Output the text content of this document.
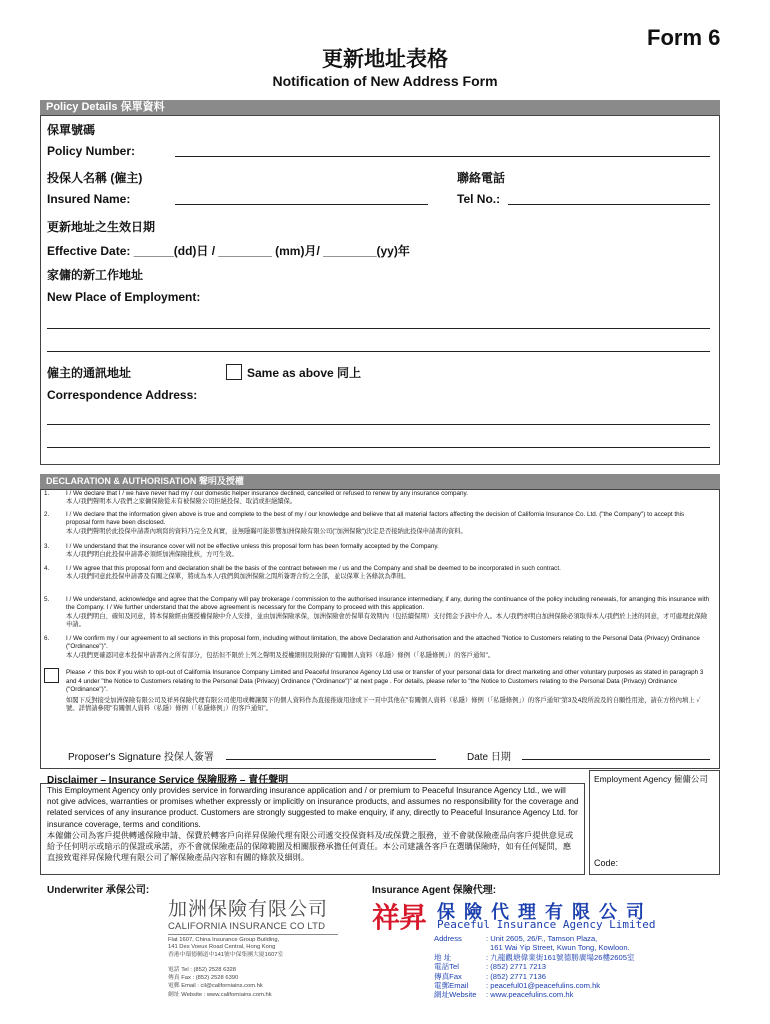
Form 6
更新地址表格
Notification of New Address Form
Policy Details 保單資料
保單號碼
Policy Number:
投保人名稱 (僱主)	聯絡電話
Insured Name:	Tel No.:
更新地址之生效日期
Effective Date: ______(dd)日 / ________ (mm)月/ ________(yy)年
家傭的新工作地址
New Place of Employment:
僱主的通訊地址	Same as above 同上
Correspondence Address:
DECLARATION & AUTHORISATION 聲明及授權
1.	I / We declare that I / we have never had my / our domestic helper insurance declined, cancelled or refused to renew by any insurance company.
本人/我們聲明本人/我們之家傭保險從未有被保險公司拒絕投保、取消或拒絕續保。
2.	I / We declare that the information given above is true and complete to the best of my / our knowledge and believe that all material factors affecting the decision of California Insurance Co. Ltd. ("the Company") to accept this proposal form have been disclosed.
本人/我們聲明於此投保申請書內填寫的資料乃完全及真實，並無隱瞞可能影響加洲保險有限公司("加洲保險")決定是否接納此投保申請書的資料。
3.	I / We understand that the insurance cover will not be effective unless this proposal form has been formally accepted by the Company.
本人/我們明白此投保申請書必須經加洲保險批核，方可生效。
4.	I / We agree that this proposal form and declaration shall be the basis of the contract between me / us and the Company and shall be deemed to be incorporated in such contract.
本人/我們同意此投保申請書及有關之保單，將成為本人/我們與加洲保險之間所簽署合約之全部，並以保單上各條款為準則。
5.	I / We understand, acknowledge and agree that the Company will pay brokerage / commission to the authorised insurance intermediary, if any, during the continuance of the policy including renewals, for arranging this insurance with the Company. I / We further understand that the above agreement is necessary for the Company to proceed with this application.
本人/我們明白、確知及同意，將本保險經由獲授權保險中介人安排，並由加洲保險承保，加洲保險會於保單有效期內（包括續保期）支付佣金予該中介人。本人/我們亦明白加洲保險必須取得本人/我們於上述的同意，才可處理此保險申請。
6.	I / We confirm my / our agreement to all sections in this proposal form, including without limitation, the above Declaration and Authorisation and the attached "Notice to Customers relating to the Personal Data (Privacy) Ordinance ("Ordinance")".
本人/我們更確認同意本投保申請書內之所有部分，包括但不限於上列之聲明及授權細則及附錄的"有關個人資料（私隱）條例（「私隱條例」）的客戶通知"。
Please ✓ this box if you wish to opt-out of California Insurance Company Limited and Peaceful Insurance Agency Ltd use or transfer of your personal data for direct marketing and other voluntary purposes as stated in paragraph 3 and 4 under "the Notice to Customers relating to the Personal Data (Privacy) Ordinance ("Ordinance")" at next page . For details, please refer to "the Notice to Customers relating to the Personal Data (Privacy) Ordinance ("Ordinance")".
如閣下反對接受加洲保險有限公司及祥昇保險代理有限公司使用或轉讓閣下的個人資料作為直接推廣用途或下一頁中其他在"有關個人資料（私隱）條例（「私隱條例」）的客戶通知"第3及4段所說及的自願性用途，請在方格內填上 ✓ 號。詳情請參閱"有關個人資料（私隱）條例（「私隱條例」）的客戶通知"。
Proposer's Signature 投保人簽署	Date 日期
Disclaimer – Insurance Service 保險服務 – 責任聲明
This Employment Agency only provides service in forwarding insurance application and / or premium to Peaceful Insurance Agency Ltd., we will not give advices, warranties or promises whether expressly or implicitly on insurance products, and assumes no responsibility for the coverage and related services of any insurance product. Customers are strongly suggested to make enquiry, if any, directly to Peaceful Insurance Agency Ltd. for insurance coverage, terms and conditions.
本僱傭公司為客戶提供轉遞保險申請、保費於轉客戶向祥昇保險代理有限公司遞交投保資料及/或保費之服務，並不會就保險產品向客戶提供意見或給予任何明示或暗示的保證或承諾，亦不會就保險產品的保障範圍及相關服務承擔任何責任。本公司建議各客戶在選購保險時，如有任何疑問，應直接致電祥昇保險代理有限公司了解保險產品內容和有關的條款及細則。
Employment Agency 僱傭公司
Code:
Underwriter 承保公司:
加洲保險有限公司
CALIFORNIA INSURANCE CO LTD
Flat 1607, China Insurance Group Building,
141 Des Voeux Road Central, Hong Kong
香港中環德輔道中141號中保集團大廈1607室
電話 Tel : (852) 2528 6328
傳真 Fax : (852) 2528 6390
電郵 Email : cil@californiains.com.hk
網址 Website : www.californiains.com.hk
Insurance Agent 保險代理:
祥昇 保 險 代 理 有 限 公 司
Peaceful Insurance Agency Limited
Address	: Unit 2605, 26/F., Tamson Plaza,
161 Wai Yip Street, Kwun Tong, Kowloon.
地 址	: 九龍觀塘偉業街161號德勝廣場26樓2605室
電話Tel	: (852) 2771 7213
傳真Fax	: (852) 2771 7136
電郵Email : peaceful01@peacefulins.com.hk
網址Website : www.peacefulins.com.hk
